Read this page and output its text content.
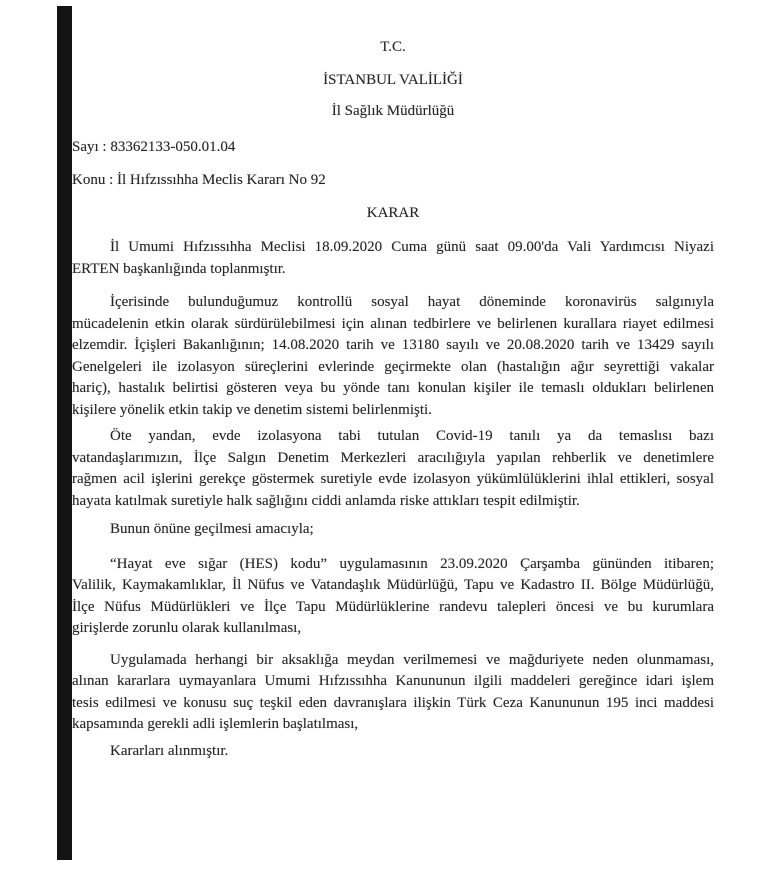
T.C.
İSTANBUL VALİLİĞİ
İl Sağlık Müdürlüğü
Sayı : 83362133-050.01.04
Konu : İl Hıfzıssıhha Meclis Kararı No 92
KARAR

İl Umumi Hıfzıssıhha Meclisi 18.09.2020 Cuma günü saat 09.00'da Vali Yardımcısı Niyazi
ERTEN başkanlığında toplanmıştır.

İçerisinde bulunduğumuz kontrollü sosyal hayat döneminde koronavirüs salgınıyla
mücadelenin etkin olarak sürdürülebilmesi için alınan tedbirlere ve belirlenen kurallara riayet edilmesi
elzemdir. İçişleri Bakanlığının; 14.08.2020 tarih ve 13180 sayılı ve 20.08.2020 tarih ve 13429 sayılı
Genelgeleri ile izolasyon süreçlerini evlerinde geçirmekte olan (hastalığın ağır seyrettiği vakalar
hariç), hastalık belirtisi gösteren veya bu yönde tanı konulan kişiler ile temaslı oldukları belirlenen
kişilere yönelik etkin takip ve denetim sistemi belirlenmişti.

Öte yandan, evde izolasyona tabi tutulan Covid-19 tanılı ya da temaslısı bazı
vatandaşlarımızın, İlçe Salgın Denetim Merkezleri aracılığıyla yapılan rehberlik ve denetimlere
rağmen acil işlerini gerekçe göstermek suretiyle evde izolasyon yükümlülüklerini ihlal ettikleri, sosyal
hayata katılmak suretiyle halk sağlığını ciddi anlamda riske attıkları tespit edilmiştir.

Bunun önüne geçilmesi amacıyla;

“Hayat eve sığar (HES) kodu” uygulamasının 23.09.2020 Çarşamba gününden itibaren;
Valilik, Kaymakamlıklar, İl Nüfus ve Vatandaşlık Müdürlüğü, Tapu ve Kadastro II. Bölge Müdürlüğü,
İlçe Nüfus Müdürlükleri ve İlçe Tapu Müdürlüklerine randevu talepleri öncesi ve bu kurumlara
girişlerde zorunlu olarak kullanılması,

Uygulamada herhangi bir aksaklığa meydan verilmemesi ve mağduriyete neden olunmaması,
alınan kararlara uymayanlara Umumi Hıfzıssıhha Kanununun ilgili maddeleri gereğince idari işlem
tesis edilmesi ve konusu suç teşkil eden davranışlara ilişkin Türk Ceza Kanununun 195 inci maddesi
kapsamında gerekli adli işlemlerin başlatılması,

Kararları alınmıştır.
